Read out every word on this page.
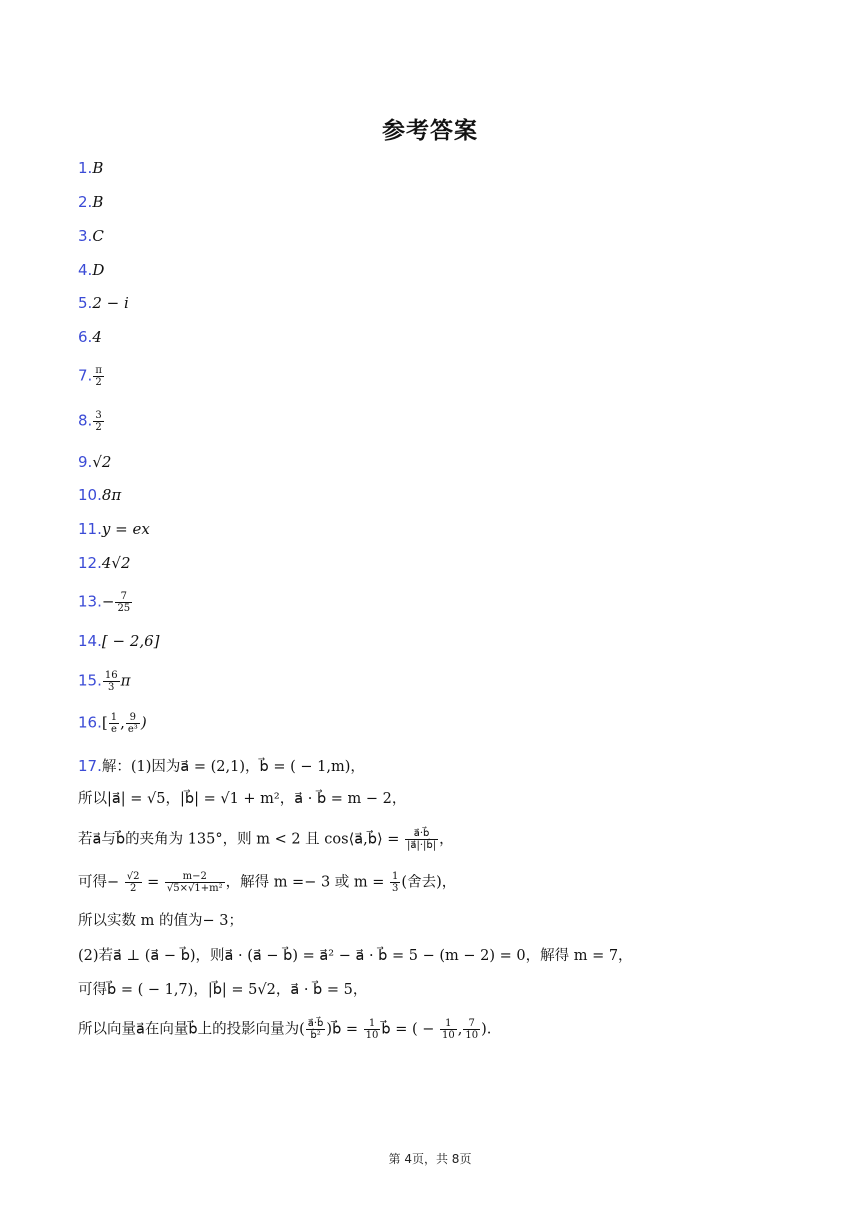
参考答案
1.B
2.B
3.C
4.D
5.2 − i
6.4
7. $\frac{\pi}{2}$
8. $\frac{3}{2}$
9.√2
10.8π
11.y = ex
12.4√2
$13.- \frac{7}{25}$
14.[ − 2,6]
15. $\frac{16}{3}$ π
$16.[ \frac{1}{e}$ , $\frac{9}{\text{e³}}$ )
17.解：(1)因为a⃗ = (2,1)，b⃗ = ( − 1,m)，
所以|a⃗| = √5，|b⃗| = √1 + m²，a⃗ · b⃗ = m − 2，
若a⃗与b⃗的夹角为 135°，则 m < 2 且 cos⟨a⃗,b⃗⟩ = $\frac{a⃗\cdot b⃗}{|a⃗|\cdot|b⃗|}$ ，
可得− $\frac{√2}{2} = \frac{m-2}{\text{√5×√1+m²}}$ ，解得 m =− 3 或 $m = \frac{1}{3}$ (舍去)，
所以实数 m 的值为− 3；
(2)若a⃗ ⊥ (a⃗ − b⃗)，则a⃗ · (a⃗ − b⃗) = a⃗² − a⃗ · b⃗ = 5 − (m − 2) = 0，解得 m = 7，
可得b⃗ = ( − 1,7)，|b⃗| = 5√2，a⃗ · b⃗ = 5，
所以向量a⃗在向量b⃗上的投影向量为( $\frac{a⃗\cdot b⃗}{\text{b⃗²}}$ )b⃗ = $\frac{1}{10}$ b⃗ = ( − $\frac{1}{10}$ , $\frac{7}{10}$ ).
第 4页，共 8页
